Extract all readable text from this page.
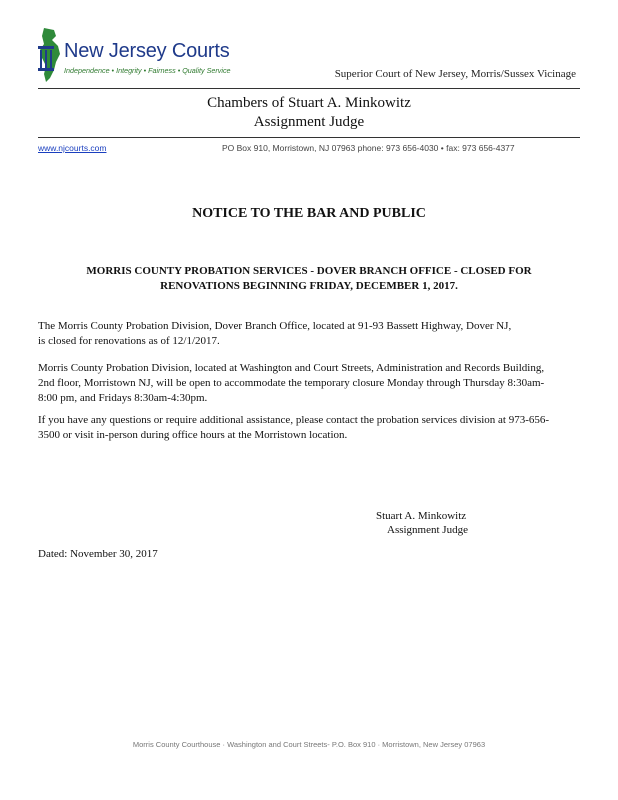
New Jersey Courts
Independence • Integrity • Fairness • Quality Service	Superior Court of New Jersey, Morris/Sussex Vicinage
Chambers of Stuart A. Minkowitz
Assignment Judge
www.njcourts.com	PO Box 910, Morristown, NJ 07963 phone: 973 656-4030 • fax: 973 656-4377
NOTICE TO THE BAR AND PUBLIC
MORRIS COUNTY PROBATION SERVICES - DOVER BRANCH OFFICE - CLOSED FOR
RENOVATIONS BEGINNING FRIDAY, DECEMBER 1, 2017.
The Morris County Probation Division, Dover Branch Office, located at 91-93 Bassett Highway, Dover NJ,
is closed for renovations as of 12/1/2017.
Morris County Probation Division, located at Washington and Court Streets, Administration and Records Building,
2nd floor, Morristown NJ, will be open to accommodate the temporary closure Monday through Thursday 8:30am-
8:00 pm, and Fridays 8:30am-4:30pm.
If you have any questions or require additional assistance, please contact the probation services division at 973-656-
3500 or visit in-person during office hours at the Morristown location.
Stuart A. Minkowitz
Assignment Judge
Dated: November 30, 2017
Morris County Courthouse · Washington and Court Streets- P.O. Box 910 · Morristown, New Jersey 07963
